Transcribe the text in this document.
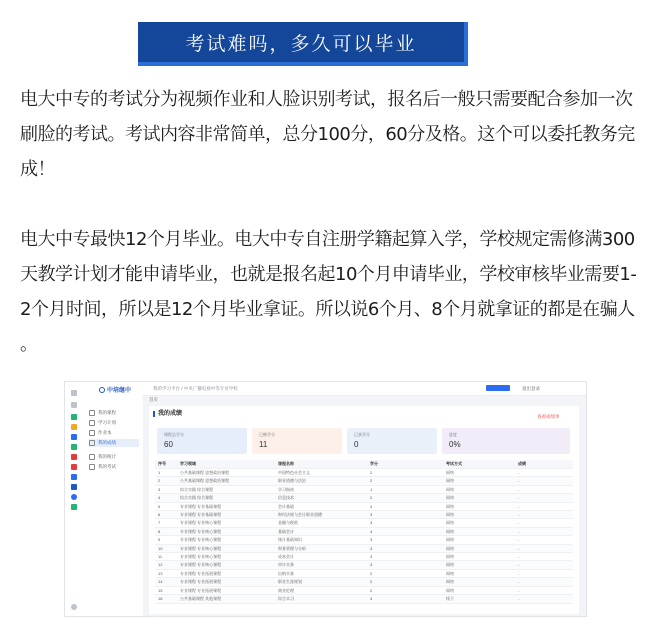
考试难吗，多久可以毕业
电大中专的考试分为视频作业和人脸识别考试，报名后一般只需要配合参加一次刷脸的考试。考试内容非常简单，总分100分，60分及格。这个可以委托教务完成！
电大中专最快12个月毕业。电大中专自注册学籍起算入学，学校规定需修满300天教学计划才能申请毕业，也就是报名起10个月申请毕业，学校审核毕业需要1-2个月时间，所以是12个月毕业拿证。所以说6个月、8个月就拿证的都是在骗人 。
中培继中	我的学习平台 / 中央广播电视中等专业学校	退出登录
我的课程
学习计划
作业本
我的成绩
我的统计
我的考试
首页
我的成绩	查看成绩单
课程总学分
60
已修学分
11
已获学分
0
进度
0%
序号	学习领域	课程名称	学分	考试方式	成绩
1	公共基础课程 思想政治课程	中国特色社会主义	2	网络	-
2	公共基础课程 思想政治课程	职业道德与法治	2	网络	-
3	综合实践 综合课程	学习指南	1	网络	-
4	综合实践 综合课程	信息技术	2	网络	-
5	专业课程 专业基础课程	会计基础	4	网络	-
6	专业课程 专业基础课程	财经法规与会计职业道德	3	网络	-
7	专业课程 专业核心课程	金融与税收	3	网络	-
8	专业课程 专业核心课程	基础会计	4	网络	-
9	专业课程 专业核心课程	统计基础知识	3	网络	-
10	专业课程 专业核心课程	财务管理与分析	3	网络	-
11	专业课程 专业核心课程	成本会计	3	网络	-
12	专业课程 专业核心课程	审计实务	3	网络	-
13	专业课程 专业拓展课程	出纳实务	2	网络	-
14	专业课程 专业拓展课程	职业生涯规划	2	网络	-
15	专业课程 专业拓展课程	商业伦理	2	网络	-
16	公共基础课程 其他课程	综合实习	4	线下	-
